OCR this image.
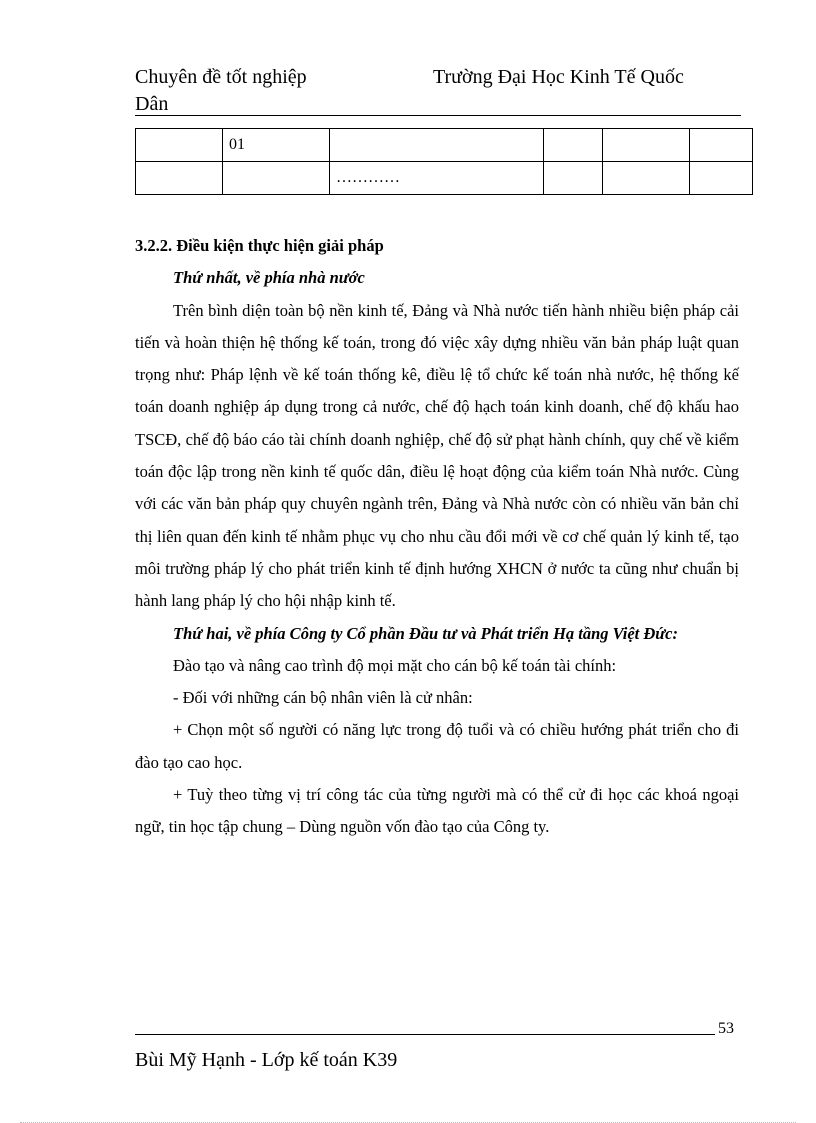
Chuyên đề tốt nghiệp	Trường Đại Học Kinh Tế Quốc
Dân
	01				
		…………			

3.2.2. Điều kiện thực hiện giải pháp

Thứ nhất, về phía nhà nước

Trên bình diện toàn bộ nền kinh tế, Đảng và Nhà nước tiến hành nhiều biện pháp cải tiến và hoàn thiện hệ thống kế toán, trong đó việc xây dựng nhiều văn bản pháp luật quan trọng như: Pháp lệnh về kế toán thống kê, điều lệ tổ chức kế toán nhà nước, hệ thống kế toán doanh nghiệp áp dụng trong cả nước, chế độ hạch toán kinh doanh, chế độ khấu hao TSCĐ, chế độ báo cáo tài chính doanh nghiệp, chế độ sử phạt hành chính, quy chế về kiểm toán độc lập trong nền kinh tế quốc dân, điều lệ hoạt động của kiểm toán Nhà nước. Cùng với các văn bản pháp quy chuyên ngành trên, Đảng và Nhà nước còn có nhiều văn bản chỉ thị liên quan đến kinh tế nhằm phục vụ cho nhu cầu đổi mới về cơ chế quản lý kinh tế, tạo môi trường pháp lý cho phát triển kinh tế định hướng XHCN ở nước ta cũng như chuẩn bị hành lang pháp lý cho hội nhập kinh tế.

Thứ hai, về phía Công ty Cổ phần Đầu tư và Phát triển Hạ tầng Việt Đức:

Đào tạo và nâng cao trình độ mọi mặt cho cán bộ kế toán tài chính:

- Đối với những cán bộ nhân viên là cử nhân:

+ Chọn một số người có năng lực trong độ tuổi và có chiều hướng phát triển cho đi đào tạo cao học.

+ Tuỳ theo từng vị trí công tác của từng người mà có thể cử đi học các khoá ngoại ngữ, tin học tập chung – Dùng nguồn vốn đào tạo của Công ty.

53
Bùi Mỹ Hạnh - Lớp kế toán K39
